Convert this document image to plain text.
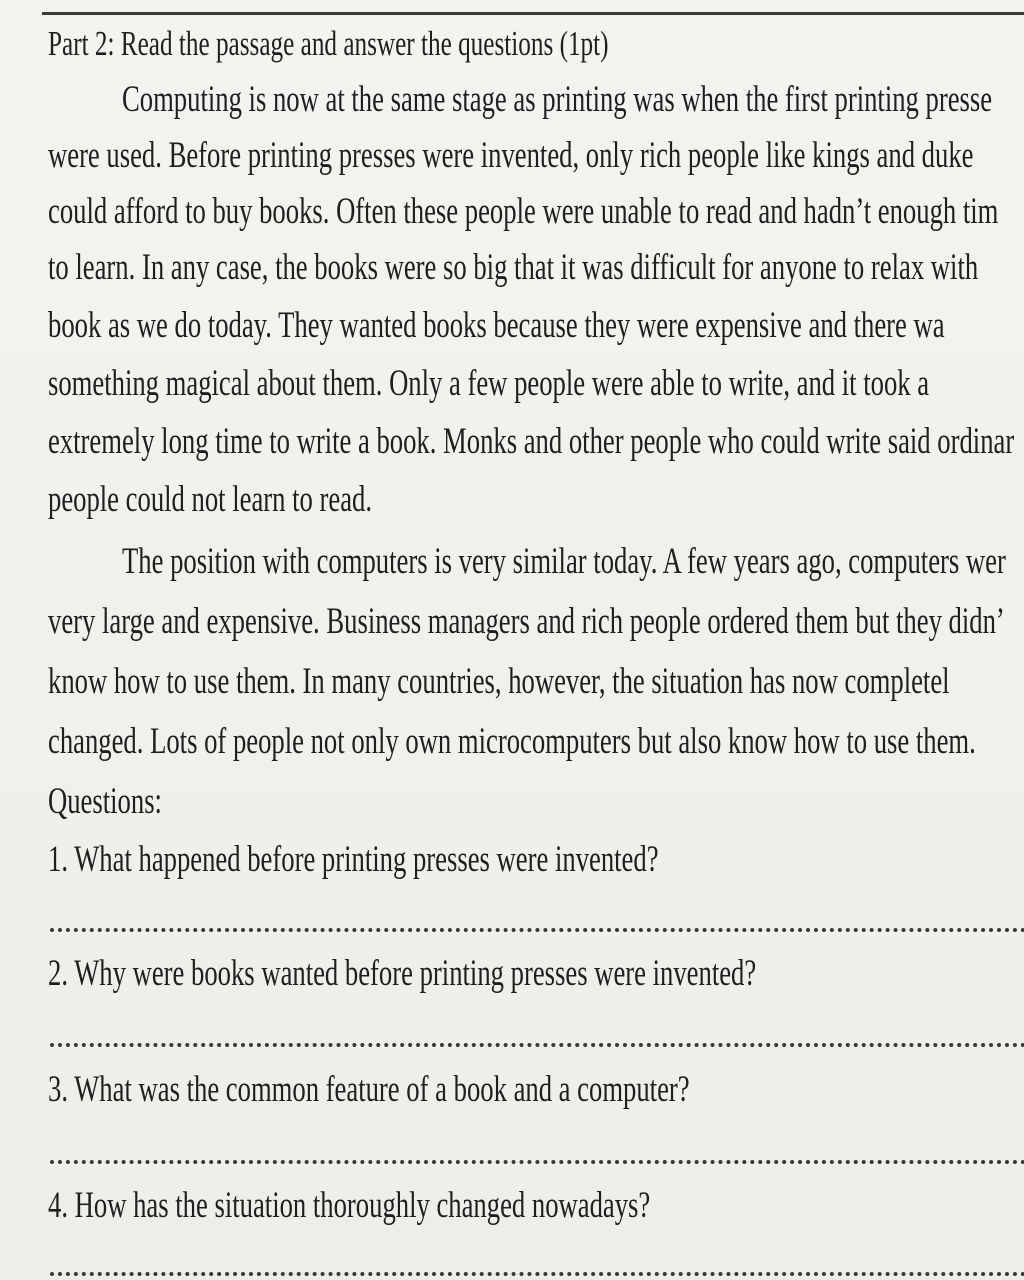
Part 2: Read the passage and answer the questions (1pt)
Computing is now at the same stage as printing was when the first printing presse
were used. Before printing presses were invented, only rich people like kings and duke
could afford to buy books. Often these people were unable to read and hadn’t enough tim
to learn. In any case, the books were so big that it was difficult for anyone to relax with
book as we do today. They wanted books because they were expensive and there wa
something magical about them. Only a few people were able to write, and it took a
extremely long time to write a book. Monks and other people who could write said ordinar
people could not learn to read.
The position with computers is very similar today. A few years ago, computers wer
very large and expensive. Business managers and rich people ordered them but they didn’
know how to use them. In many countries, however, the situation has now completel
changed. Lots of people not only own microcomputers but also know how to use them.
Questions:
1. What happened before printing presses were invented?
2. Why were books wanted before printing presses were invented?
3. What was the common feature of a book and a computer?
4. How has the situation thoroughly changed nowadays?
